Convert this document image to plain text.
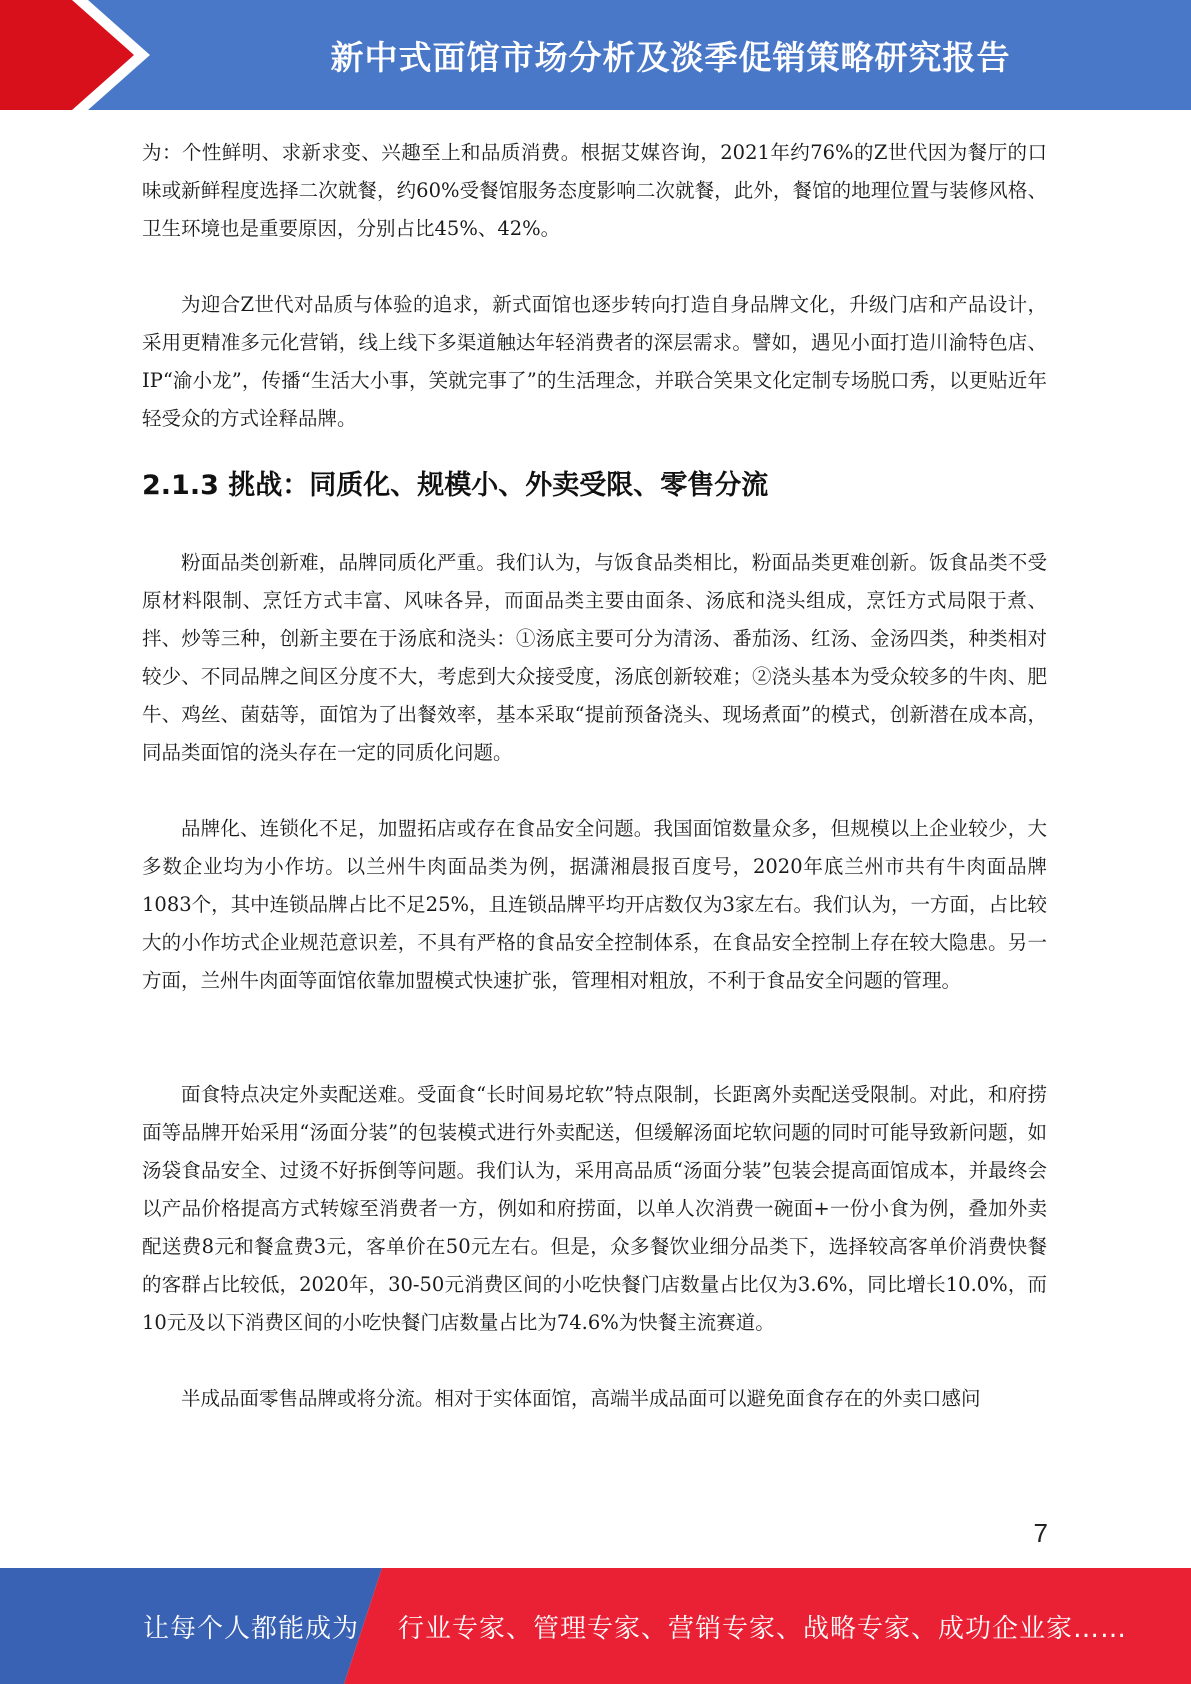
新中式面馆市场分析及淡季促销策略研究报告

为：个性鲜明、求新求变、兴趣至上和品质消费。根据艾媒咨询，2021年约76%的Z世代因为餐厅的口味或新鲜程度选择二次就餐，约60%受餐馆服务态度影响二次就餐，此外，餐馆的地理位置与装修风格、卫生环境也是重要原因，分别占比45%、42%。

为迎合Z世代对品质与体验的追求，新式面馆也逐步转向打造自身品牌文化，升级门店和产品设计，采用更精准多元化营销，线上线下多渠道触达年轻消费者的深层需求。譬如，遇见小面打造川渝特色店、IP“渝小龙”，传播“生活大小事，笑就完事了”的生活理念，并联合笑果文化定制专场脱口秀，以更贴近年轻受众的方式诠释品牌。

2.1.3 挑战：同质化、规模小、外卖受限、零售分流

粉面品类创新难，品牌同质化严重。我们认为，与饭食品类相比，粉面品类更难创新。饭食品类不受原材料限制、烹饪方式丰富、风味各异，而面品类主要由面条、汤底和浇头组成，烹饪方式局限于煮、拌、炒等三种，创新主要在于汤底和浇头：①汤底主要可分为清汤、番茄汤、红汤、金汤四类，种类相对较少、不同品牌之间区分度不大，考虑到大众接受度，汤底创新较难；②浇头基本为受众较多的牛肉、肥牛、鸡丝、菌菇等，面馆为了出餐效率，基本采取“提前预备浇头、现场煮面”的模式，创新潜在成本高，同品类面馆的浇头存在一定的同质化问题。

品牌化、连锁化不足，加盟拓店或存在食品安全问题。我国面馆数量众多，但规模以上企业较少，大多数企业均为小作坊。以兰州牛肉面品类为例，据潇湘晨报百度号，2020年底兰州市共有牛肉面品牌1083个，其中连锁品牌占比不足25%，且连锁品牌平均开店数仅为3家左右。我们认为，一方面，占比较大的小作坊式企业规范意识差，不具有严格的食品安全控制体系，在食品安全控制上存在较大隐患。另一方面，兰州牛肉面等面馆依靠加盟模式快速扩张，管理相对粗放，不利于食品安全问题的管理。

面食特点决定外卖配送难。受面食“长时间易坨软”特点限制，长距离外卖配送受限制。对此，和府捞面等品牌开始采用“汤面分装”的包装模式进行外卖配送，但缓解汤面坨软问题的同时可能导致新问题，如汤袋食品安全、过烫不好拆倒等问题。我们认为，采用高品质“汤面分装”包装会提高面馆成本，并最终会以产品价格提高方式转嫁至消费者一方，例如和府捞面，以单人次消费一碗面+一份小食为例，叠加外卖配送费8元和餐盒费3元，客单价在50元左右。但是，众多餐饮业细分品类下，选择较高客单价消费快餐的客群占比较低，2020年，30-50元消费区间的小吃快餐门店数量占比仅为3.6%，同比增长10.0%，而10元及以下消费区间的小吃快餐门店数量占比为74.6%为快餐主流赛道。

半成品面零售品牌或将分流。相对于实体面馆，高端半成品面可以避免面食存在的外卖口感问

7
让每个人都能成为 行业专家、管理专家、营销专家、战略专家、成功企业家……
